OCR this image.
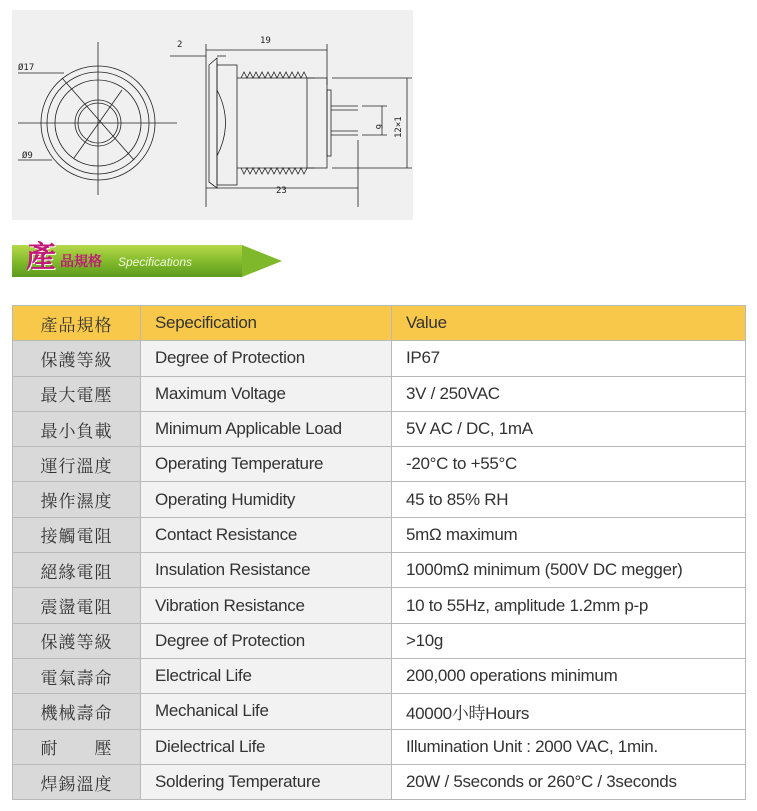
Ø17
Ø9
2	19
23
6 12×1
產 品規格 Specifications
產品規格	Sepecification	Value
保護等級	Degree of Protection	IP67
最大電壓	Maximum Voltage	3V / 250VAC
最小負載	Minimum Applicable Load	5V AC / DC, 1mA
運行溫度	Operating Temperature	-20°C to +55°C
操作濕度	Operating Humidity	45 to 85% RH
接觸電阻	Contact Resistance	5mΩ maximum
絕緣電阻	Insulation Resistance	1000mΩ minimum (500V DC megger)
震盪電阻	Vibration Resistance	10 to 55Hz, amplitude 1.2mm p-p
保護等級	Degree of Protection	>10g
電氣壽命	Electrical Life	200,000 operations minimum
機械壽命	Mechanical Life	40000小時Hours
耐　　壓	Dielectrical Life	Illumination Unit : 2000 VAC, 1min.
焊錫溫度	Soldering Temperature	20W / 5seconds or 260°C / 3seconds
